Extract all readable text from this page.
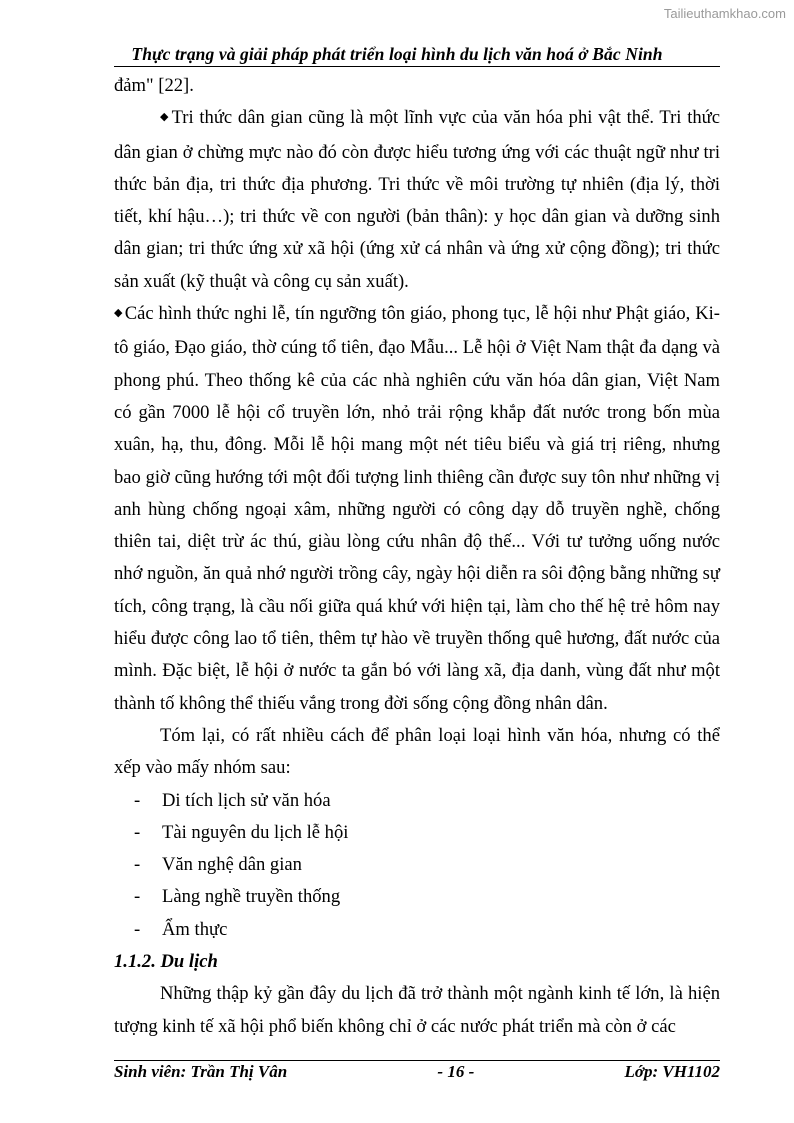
Tailieuthamkhao.com
Thực trạng và giải pháp phát triển loại hình du lịch văn hoá ở Bắc Ninh

đảm" [22].

◆ Tri thức dân gian cũng là một lĩnh vực của văn hóa phi vật thể. Tri thức dân gian ở chừng mực nào đó còn được hiểu tương ứng với các thuật ngữ như tri thức bản địa, tri thức địa phương. Tri thức về môi trường tự nhiên (địa lý, thời tiết, khí hậu…); tri thức về con người (bản thân): y học dân gian và dưỡng sinh dân gian; tri thức ứng xử xã hội (ứng xử cá nhân và ứng xử cộng đồng); tri thức sản xuất (kỹ thuật và công cụ sản xuất).

◆ Các hình thức nghi lễ, tín ngưỡng tôn giáo, phong tục, lễ hội như Phật giáo, Ki-tô giáo, Đạo giáo, thờ cúng tổ tiên, đạo Mẫu... Lễ hội ở Việt Nam thật đa dạng và phong phú. Theo thống kê của các nhà nghiên cứu văn hóa dân gian, Việt Nam có gần 7000 lễ hội cổ truyền lớn, nhỏ trải rộng khắp đất nước trong bốn mùa xuân, hạ, thu, đông. Mỗi lễ hội mang một nét tiêu biểu và giá trị riêng, nhưng bao giờ cũng hướng tới một đối tượng linh thiêng cần được suy tôn như những vị anh hùng chống ngoại xâm, những người có công dạy dỗ truyền nghề, chống thiên tai, diệt trừ ác thú, giàu lòng cứu nhân độ thế... Với tư tưởng uống nước nhớ nguồn, ăn quả nhớ người trồng cây, ngày hội diễn ra sôi động bằng những sự tích, công trạng, là cầu nối giữa quá khứ với hiện tại, làm cho thế hệ trẻ hôm nay hiểu được công lao tổ tiên, thêm tự hào về truyền thống quê hương, đất nước của mình. Đặc biệt, lễ hội ở nước ta gắn bó với làng xã, địa danh, vùng đất như một thành tố không thể thiếu vắng trong đời sống cộng đồng nhân dân.

Tóm lại, có rất nhiều cách để phân loại loại hình văn hóa, nhưng có thể xếp vào mấy nhóm sau:

-	Di tích lịch sử văn hóa
-	Tài nguyên du lịch lễ hội
-	Văn nghệ dân gian
-	Làng nghề truyền thống
-	Ẩm thực

1.1.2. Du lịch

Những thập kỷ gần đây du lịch đã trở thành một ngành kinh tế lớn, là hiện tượng kinh tế xã hội phổ biến không chỉ ở các nước phát triển mà còn ở các

Sinh viên: Trần Thị Vân	- 16 -	Lớp: VH1102
